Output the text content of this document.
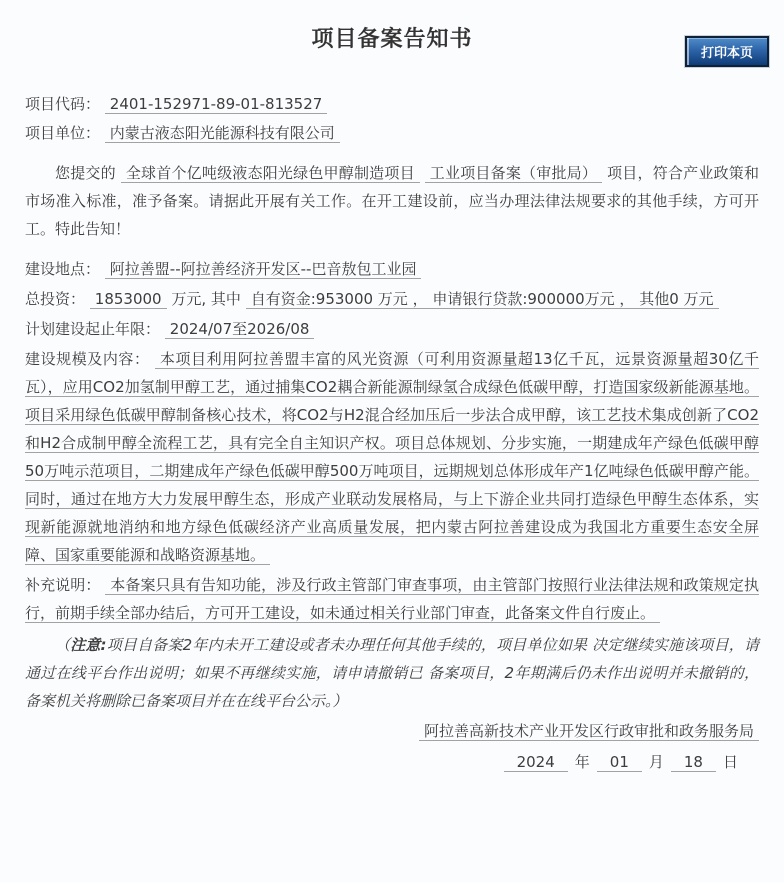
打印本页
项目备案告知书
项目代码： 2401-152971-89-01-813527
项目单位： 内蒙古液态阳光能源科技有限公司

您提交的 全球首个亿吨级液态阳光绿色甲醇制造项目 工业项目备案（审批局） 项目，符合产业政策和市场准入标准，准予备案。请据此开展有关工作。在开工建设前，应当办理法律法规要求的其他手续，方可开工。特此告知！

建设地点： 阿拉善盟--阿拉善经济开发区--巴音敖包工业园

总投资： 1853000 万元, 其中 自有资金:953000 万元 ， 申请银行贷款:900000万元 ， 其他0 万元

计划建设起止年限： 2024/07至2026/08

建设规模及内容： 本项目利用阿拉善盟丰富的风光资源（可利用资源量超13亿千瓦，远景资源量超30亿千瓦），应用CO2加氢制甲醇工艺，通过捕集CO2耦合新能源制绿氢合成绿色低碳甲醇，打造国家级新能源基地。项目采用绿色低碳甲醇制备核心技术，将CO2与H2混合经加压后一步法合成甲醇，该工艺技术集成创新了CO2和H2合成制甲醇全流程工艺，具有完全自主知识产权。项目总体规划、分步实施，一期建成年产绿色低碳甲醇50万吨示范项目，二期建成年产绿色低碳甲醇500万吨项目，远期规划总体形成年产1亿吨绿色低碳甲醇产能。同时，通过在地方大力发展甲醇生态，形成产业联动发展格局，与上下游企业共同打造绿色甲醇生态体系，实现新能源就地消纳和地方绿色低碳经济产业高质量发展，把内蒙古阿拉善建设成为我国北方重要生态安全屏障、国家重要能源和战略资源基地。

补充说明： 本备案只具有告知功能，涉及行政主管部门审查事项，由主管部门按照行业法律法规和政策规定执行，前期手续全部办结后，方可开工建设，如未通过相关行业部门审查，此备案文件自行废止。

（注意:项目自备案2年内未开工建设或者未办理任何其他手续的，项目单位如果 决定继续实施该项目，请通过在线平台作出说明；如果不再继续实施，请申请撤销已 备案项目，2年期满后仍未作出说明并未撤销的，备案机关将删除已备案项目并在在线平台公示。）

阿拉善高新技术产业开发区行政审批和政务服务局
2024 年 01 月 18 日
